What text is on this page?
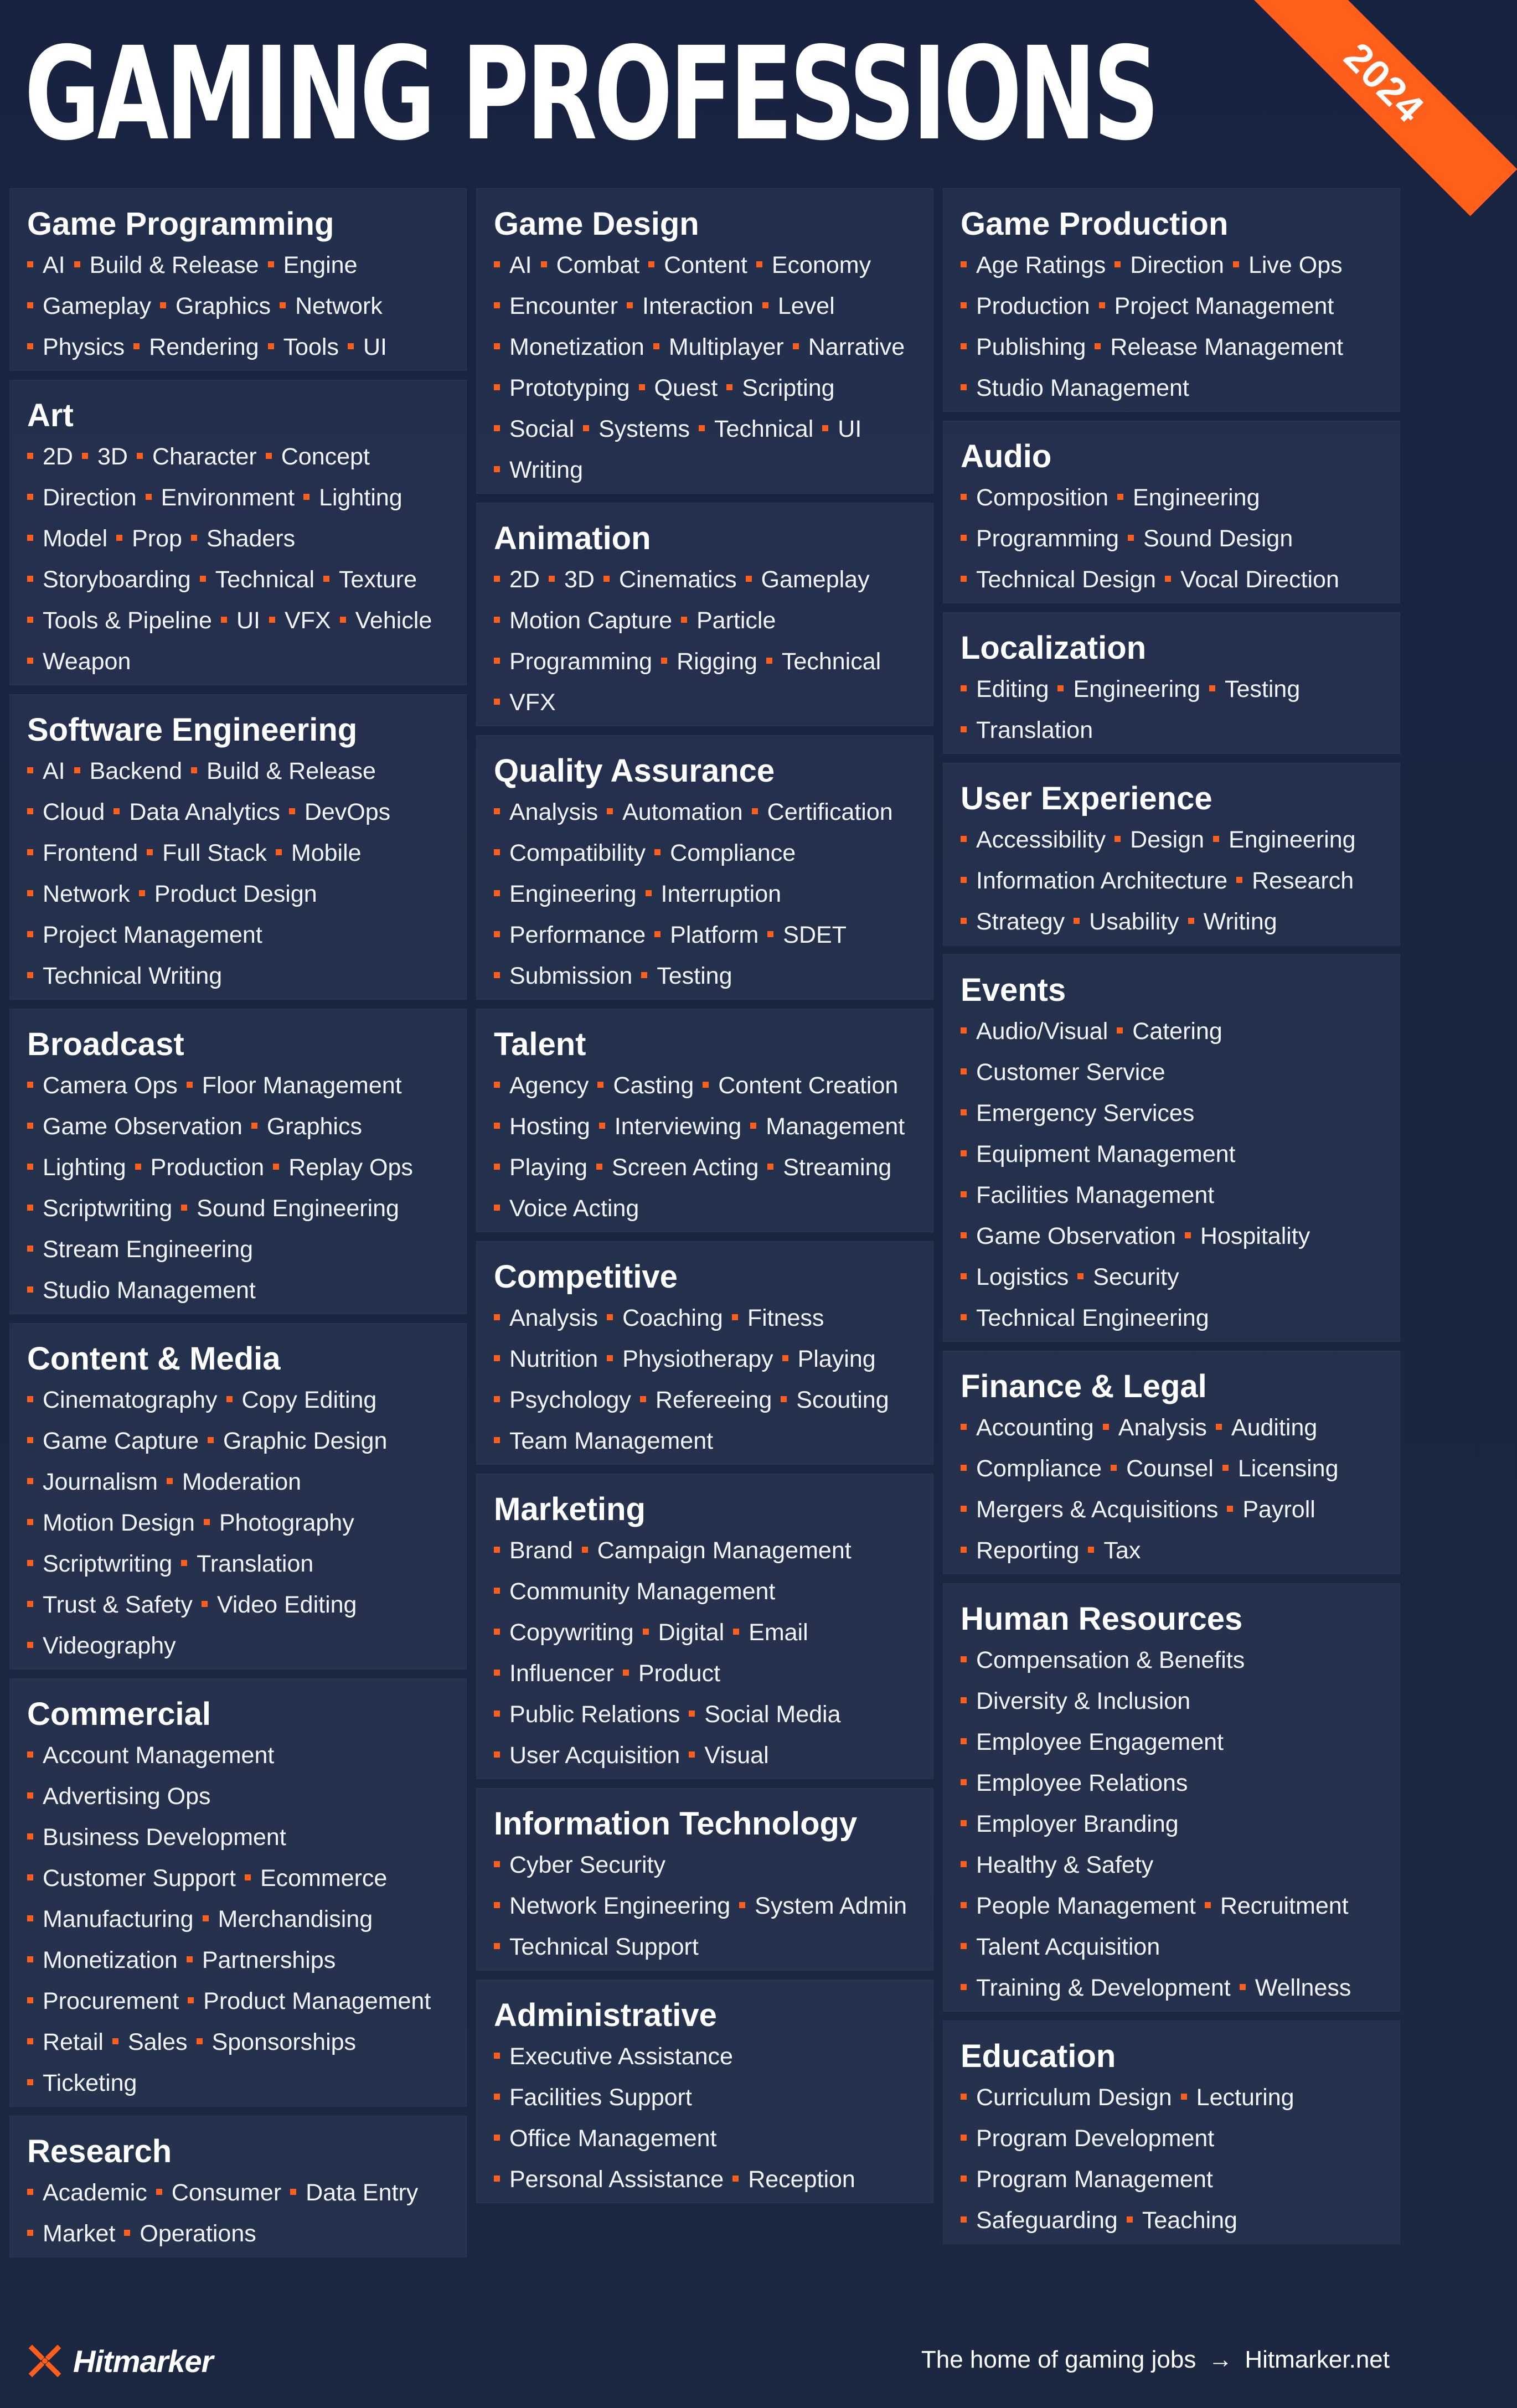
GAMING PROFESSIONS	2024
Game Programming
AI Build & Release EngineGameplay Graphics NetworkPhysics Rendering Tools UI
Art
2D 3D Character ConceptDirection Environment LightingModel Prop ShadersStoryboarding Technical TextureTools & Pipeline UI VFX VehicleWeapon
Software Engineering
AI Backend Build & ReleaseCloud Data Analytics DevOpsFrontend Full Stack MobileNetwork Product DesignProject ManagementTechnical Writing
Broadcast
Camera Ops Floor ManagementGame Observation GraphicsLighting Production Replay OpsScriptwriting Sound EngineeringStream EngineeringStudio Management
Content & Media
Cinematography Copy EditingGame Capture Graphic DesignJournalism ModerationMotion Design PhotographyScriptwriting TranslationTrust & Safety Video EditingVideography
Commercial
Account ManagementAdvertising OpsBusiness DevelopmentCustomer Support EcommerceManufacturing MerchandisingMonetization PartnershipsProcurement Product ManagementRetail Sales SponsorshipsTicketing
Research
Academic Consumer Data EntryMarket Operations
Game Design
AI Combat Content EconomyEncounter Interaction LevelMonetization Multiplayer NarrativePrototyping Quest ScriptingSocial Systems Technical UIWriting
Animation
2D 3D Cinematics GameplayMotion Capture ParticleProgramming Rigging TechnicalVFX
Quality Assurance
Analysis Automation CertificationCompatibility ComplianceEngineering InterruptionPerformance Platform SDETSubmission Testing
Talent
Agency Casting Content CreationHosting Interviewing ManagementPlaying Screen Acting StreamingVoice Acting
Competitive
Analysis Coaching FitnessNutrition Physiotherapy PlayingPsychology Refereeing ScoutingTeam Management
Marketing
Brand Campaign ManagementCommunity ManagementCopywriting Digital EmailInfluencer ProductPublic Relations Social MediaUser Acquisition Visual
Information Technology
Cyber SecurityNetwork Engineering System AdminTechnical Support
Administrative
Executive AssistanceFacilities SupportOffice ManagementPersonal Assistance Reception
Game Production
Age Ratings Direction Live OpsProduction Project ManagementPublishing Release ManagementStudio Management
Audio
Composition EngineeringProgramming Sound DesignTechnical Design Vocal Direction
Localization
Editing Engineering TestingTranslation
User Experience
Accessibility Design EngineeringInformation Architecture ResearchStrategy Usability Writing
Events
Audio/Visual CateringCustomer ServiceEmergency ServicesEquipment ManagementFacilities ManagementGame Observation HospitalityLogistics SecurityTechnical Engineering
Finance & Legal
Accounting Analysis AuditingCompliance Counsel LicensingMergers & Acquisitions PayrollReporting Tax
Human Resources
Compensation & BenefitsDiversity & InclusionEmployee EngagementEmployee RelationsEmployer BrandingHealthy & SafetyPeople Management RecruitmentTalent AcquisitionTraining & Development Wellness
Education
Curriculum Design LecturingProgram DevelopmentProgram ManagementSafeguarding Teaching
Hitmarker	The home of gaming jobs → Hitmarker.net
